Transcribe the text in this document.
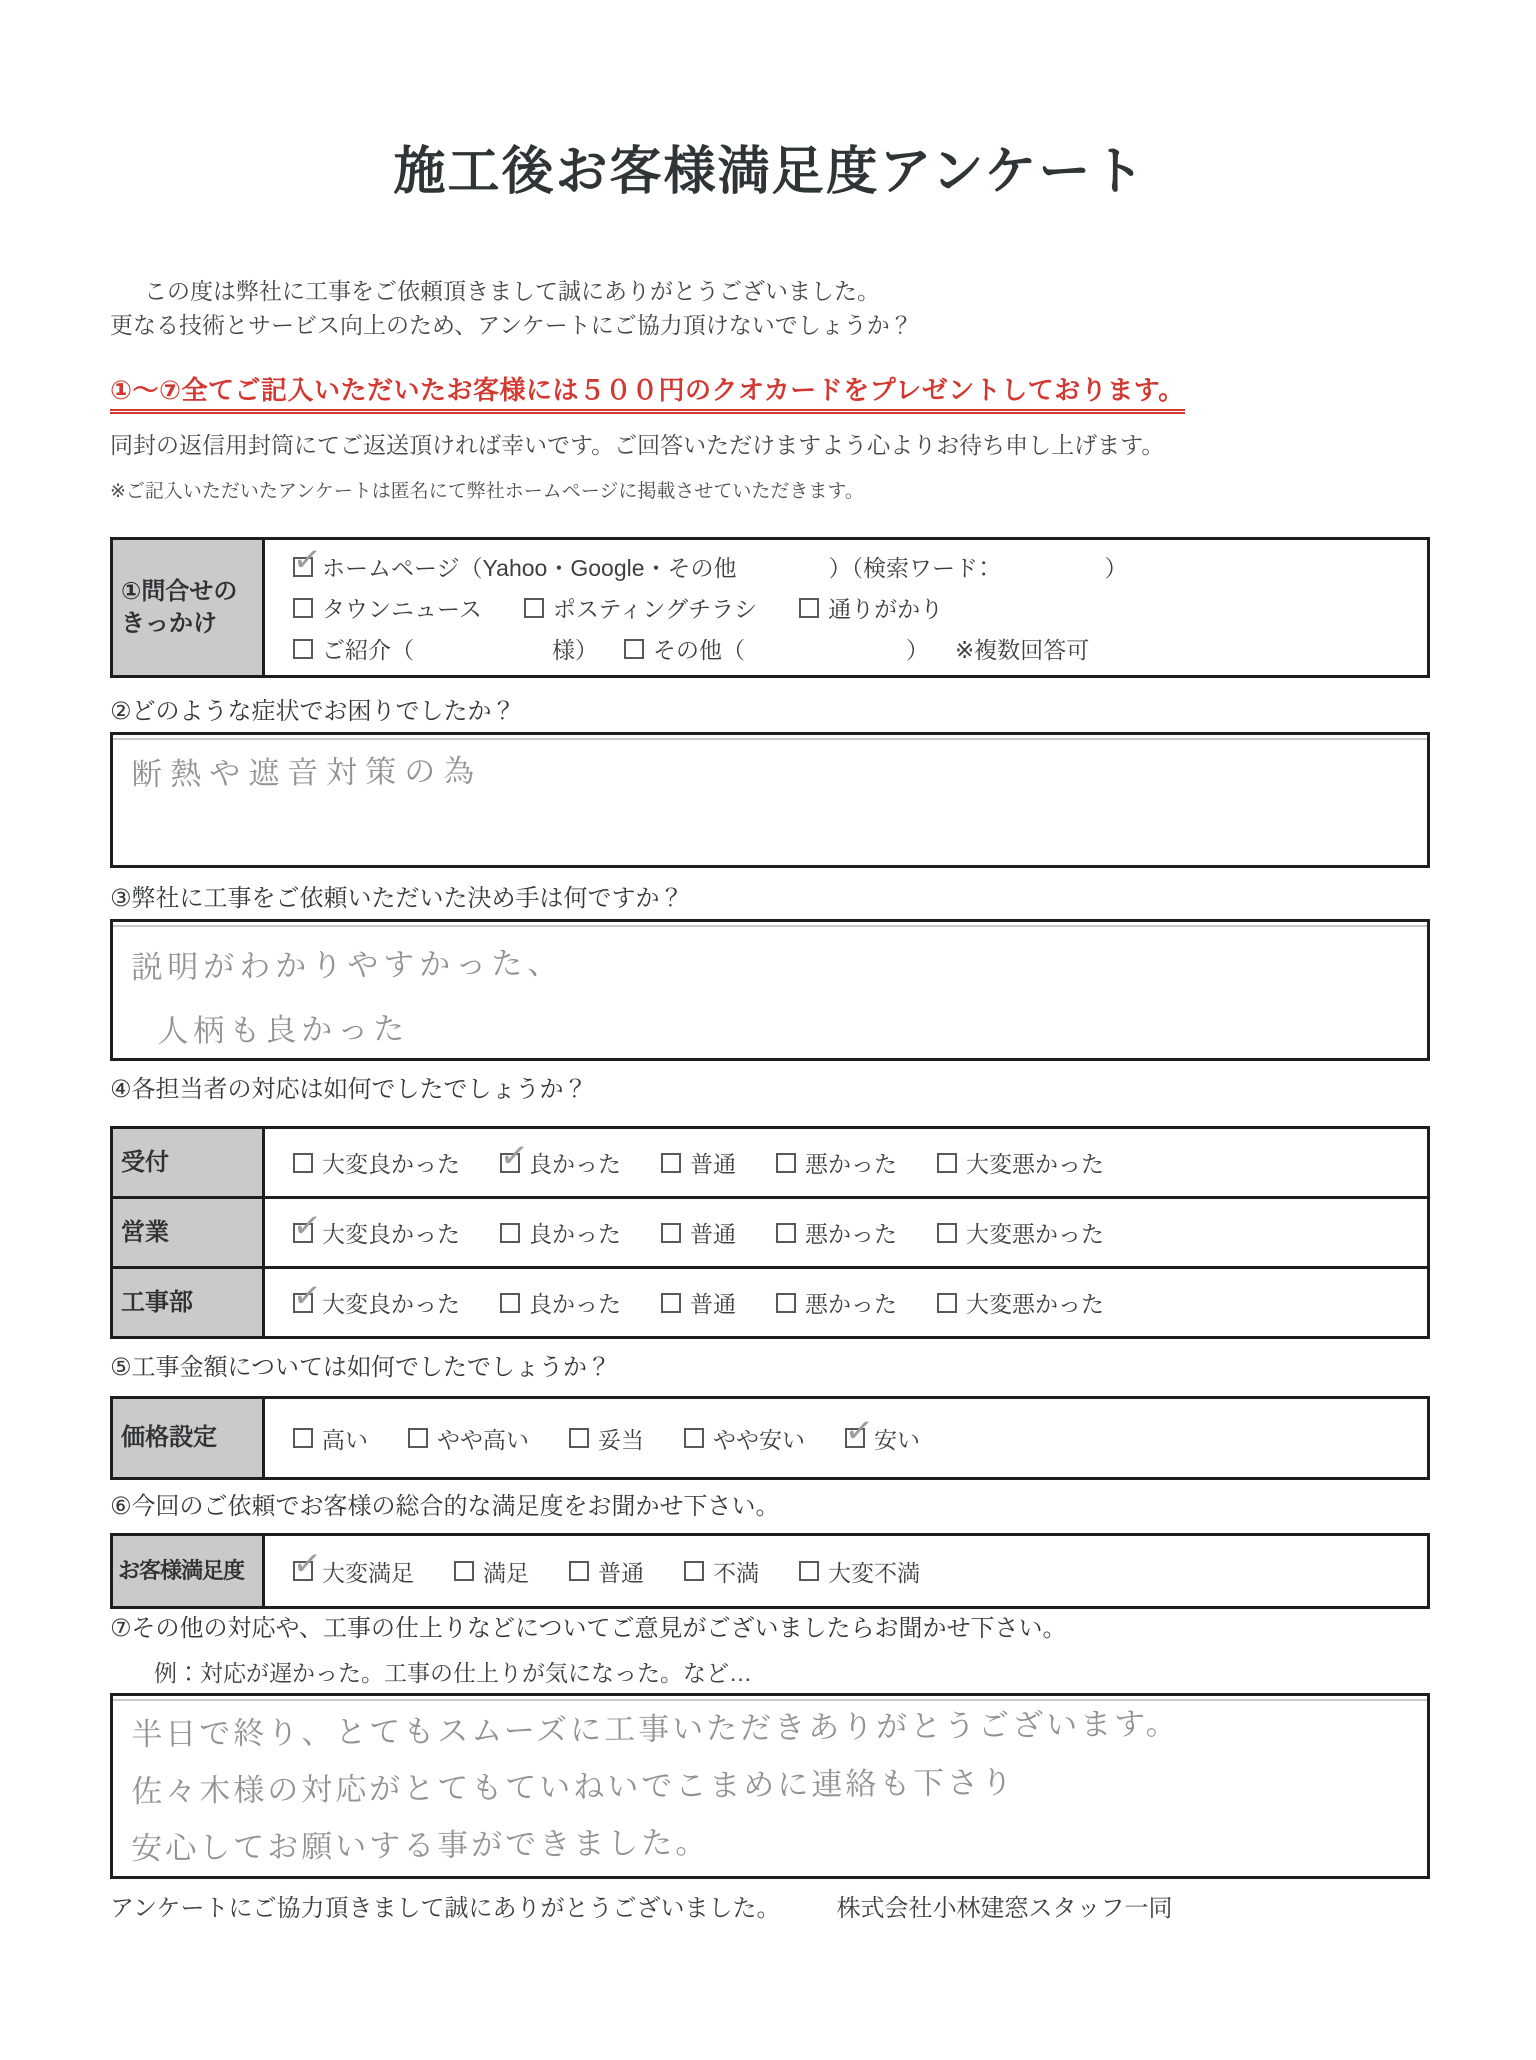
施工後お客様満足度アンケート
この度は弊社に工事をご依頼頂きまして誠にありがとうございました。
更なる技術とサービス向上のため、アンケートにご協力頂けないでしょうか？
①～⑦全てご記入いただいたお客様には５００円のクオカードをプレゼントしております。
同封の返信用封筒にてご返送頂ければ幸いです。ご回答いただけますよう心よりお待ち申し上げます。
※ご記入いただいたアンケートは匿名にて弊社ホームページに掲載させていただきます。
①問合せの
きっかけ
✓
ホームページ（Yahoo・Google・その他　　　　）（検索ワード：　　　　　）
タウンニュース	ポスティングチラシ	通りがかり
ご紹介（　　　　　　様） その他（　　　　　　　） ※複数回答可
②どのような症状でお困りでしたか？
断熱や遮音対策の為
③弊社に工事をご依頼いただいた決め手は何ですか？
説明がわかりやすかった、
人柄も良かった
④各担当者の対応は如何でしたでしょうか？
受付	大変良かった ✓	良かった	普通	悪かった	大変悪かった
営業 ✓	大変良かった	良かった	普通	悪かった	大変悪かった
工事部 ✓	大変良かった	良かった	普通	悪かった	大変悪かった
⑤工事金額については如何でしたでしょうか？
価格設定	高い	やや高い	妥当	やや安い ✓	安い
⑥今回のご依頼でお客様の総合的な満足度をお聞かせ下さい。
お客様満足度 ✓	大変満足	満足	普通	不満	大変不満
⑦その他の対応や、工事の仕上りなどについてご意見がございましたらお聞かせ下さい。
例：対応が遅かった。工事の仕上りが気になった。など…
半日で終り、とてもスムーズに工事いただきありがとうございます。
佐々木様の対応がとてもていねいでこまめに連絡も下さり
安心してお願いする事ができました。
アンケートにご協力頂きまして誠にありがとうございました。 株式会社小林建窓スタッフ一同
